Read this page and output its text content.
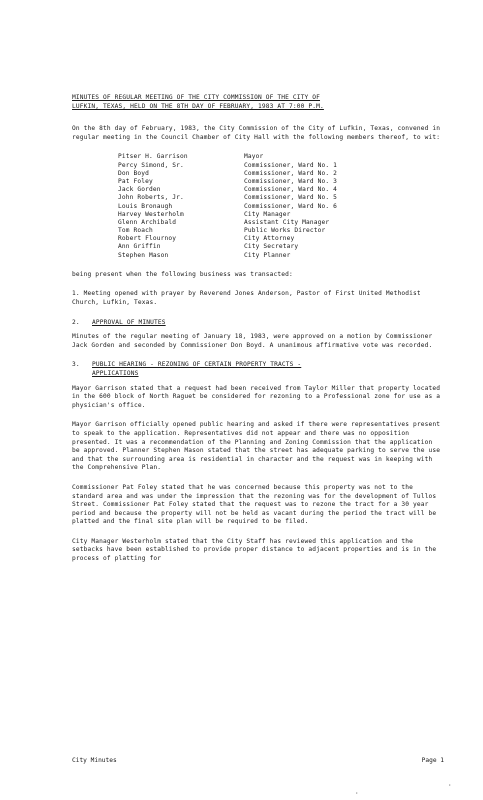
MINUTES OF REGULAR MEETING OF THE CITY COMMISSION OF THE CITY OF
LUFKIN, TEXAS, HELD ON THE 8TH DAY OF FEBRUARY, 1983 AT 7:00 P.M.

On the 8th day of February, 1983, the City Commission of the City of Lufkin, Texas, convened in regular meeting in the Council Chamber of City Hall with the following members thereof, to wit:

Pitser H. Garrison	Mayor
Percy Simond, Sr.	Commissioner, Ward No. 1
Don Boyd	Commissioner, Ward No. 2
Pat Foley	Commissioner, Ward No. 3
Jack Gorden	Commissioner, Ward No. 4
John Roberts, Jr.	Commissioner, Ward No. 5
Louis Bronaugh	Commissioner, Ward No. 6
Harvey Westerholm	City Manager
Glenn Archibald	Assistant City Manager
Tom Roach	Public Works Director
Robert Flournoy	City Attorney
Ann Griffin	City Secretary
Stephen Mason	City Planner

being present when the following business was transacted:

1. Meeting opened with prayer by Reverend Jones Anderson, Pastor of First United Methodist Church, Lufkin, Texas.

2. APPROVAL OF MINUTES

Minutes of the regular meeting of January 18, 1983, were approved on a motion by Commissioner Jack Gorden and seconded by Commissioner Don Boyd. A unanimous affirmative vote was recorded.

3. PUBLIC HEARING - REZONING OF CERTAIN PROPERTY TRACTS -
APPLICATIONS

Mayor Garrison stated that a request had been received from Taylor Miller that property located in the 600 block of North Raguet be considered for rezoning to a Professional zone for use as a physician's office.

Mayor Garrison officially opened public hearing and asked if there were representatives present to speak to the application. Representatives did not appear and there was no opposition presented. It was a recommendation of the Planning and Zoning Commission that the application be approved. Planner Stephen Mason stated that the street has adequate parking to serve the use and that the surrounding area is residential in character and the request was in keeping with the Comprehensive Plan.

Commissioner Pat Foley stated that he was concerned because this property was not to the standard area and was under the impression that the rezoning was for the development of Tullos Street. Commissioner Pat Foley stated that the request was to rezone the tract for a 30 year period and because the property will not be held as vacant during the period the tract will be platted and the final site plan will be required to be filed.

City Manager Westerholm stated that the City Staff has reviewed this application and the setbacks have been established to provide proper distance to adjacent properties and is in the process of platting for

City Minutes	Page 1
·
·
